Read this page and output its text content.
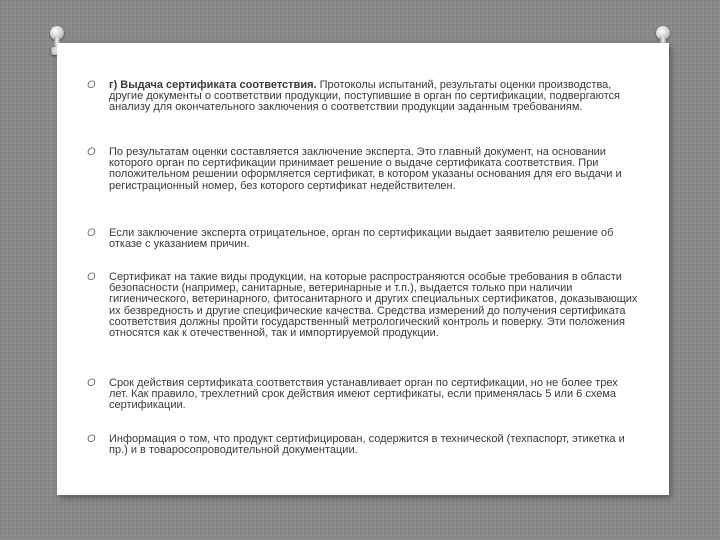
O г) Выдача сертификата соответствия. Протоколы испытаний, результаты оценки производства, другие документы о соответствии продукции, поступившие в орган по сертификации, подвергаются анализу для окончательного заключения о соответствии продукции заданным требованиям.
O По результатам оценки составляется заключение эксперта. Это главный документ, на основании которого орган по сертификации принимает решение о выдаче сертификата соответствия. При положительном решении оформляется сертификат, в котором указаны основания для его выдачи и регистрационный номер, без которого сертификат недействителен.
O Если заключение эксперта отрицательное, орган по сертификации выдает заявителю решение об отказе с указанием причин.
O Сертификат на такие виды продукции, на которые распространяются особые требования в области безопасности (например, санитарные, ветеринарные и т.п.), выдается только при наличии гигиенического, ветеринарного, фитосанитарного и других специальных сертификатов, доказывающих их безвредность и другие специфические качества. Средства измерений до получения сертификата соответствия должны пройти государственный метрологический контроль и поверку. Эти положения относятся как к отечественной, так и импортируемой продукции.
O Срок действия сертификата соответствия устанавливает орган по сертификации, но не более трех лет. Как правило, трехлетний срок действия имеют сертификаты, если применялась 5 или 6 схема сертификации.
O Информация о том, что продукт сертифицирован, содержится в технической (техпаспорт, этикетка и пр.) и в товаросопроводительной документации.
